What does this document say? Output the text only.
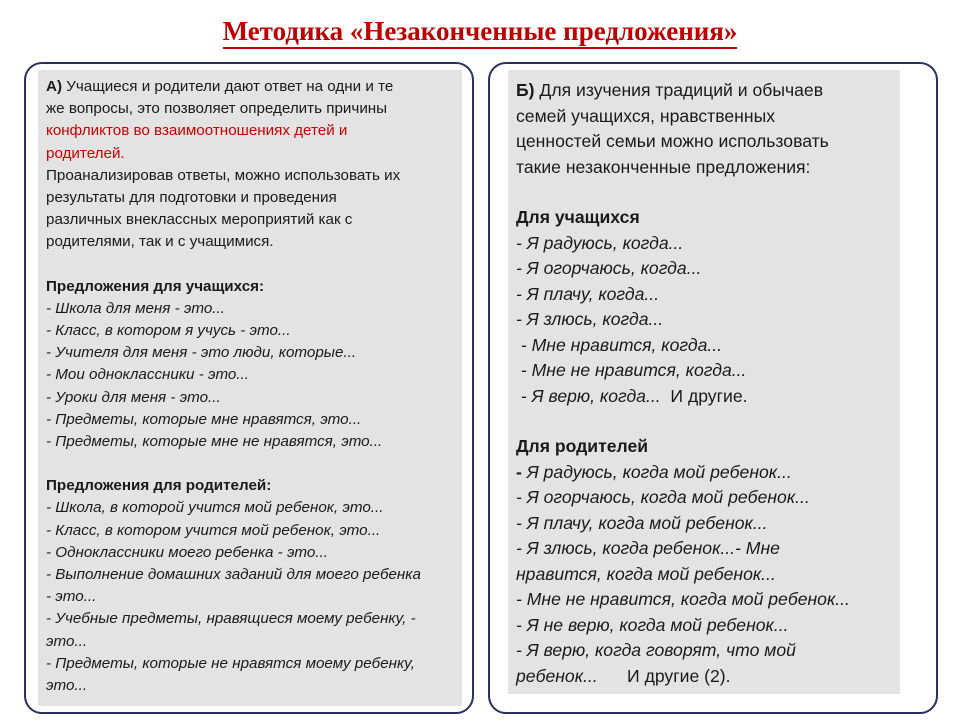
Методика «Незаконченные предложения»
А) Учащиеся и родители дают ответ на одни и те
же вопросы, это позволяет определить причины
конфликтов во взаимоотношениях детей и
родителей.
Проанализировав ответы, можно использовать их
результаты для подготовки и проведения
различных внеклассных мероприятий как с
родителями, так и с учащимися.
Предложения для учащихся:
- Школа для меня - это...
- Класс, в котором я учусь - это...
- Учителя для меня - это люди, которые...
- Мои одноклассники - это...
- Уроки для меня - это...
- Предметы, которые мне нравятся, это...
- Предметы, которые мне не нравятся, это...
Предложения для родителей:
- Школа, в которой учится мой ребенок, это...
- Класс, в котором учится мой ребенок, это...
- Одноклассники моего ребенка - это...
- Выполнение домашних заданий для моего ребенка
- это...
- Учебные предметы, нравящиеся моему ребенку, -
это...
- Предметы, которые не нравятся моему ребенку,
это...
Б) Для изучения традиций и обычаев
семей учащихся, нравственных
ценностей семьи можно использовать
такие незаконченные предложения:
Для учащихся
- Я радуюсь, когда...
- Я огорчаюсь, когда...
- Я плачу, когда...
- Я злюсь, когда...
- Мне нравится, когда...
- Мне не нравится, когда...
- Я верю, когда...  И другие.
Для родителей
- Я радуюсь, когда мой ребенок...
- Я огорчаюсь, когда мой ребенок...
- Я плачу, когда мой ребенок...
- Я злюсь, когда ребенок...- Мне
нравится, когда мой ребенок...
- Мне не нравится, когда мой ребенок...
- Я не верю, когда мой ребенок...
- Я верю, когда говорят, что мой
ребенок...      И другие (2).
